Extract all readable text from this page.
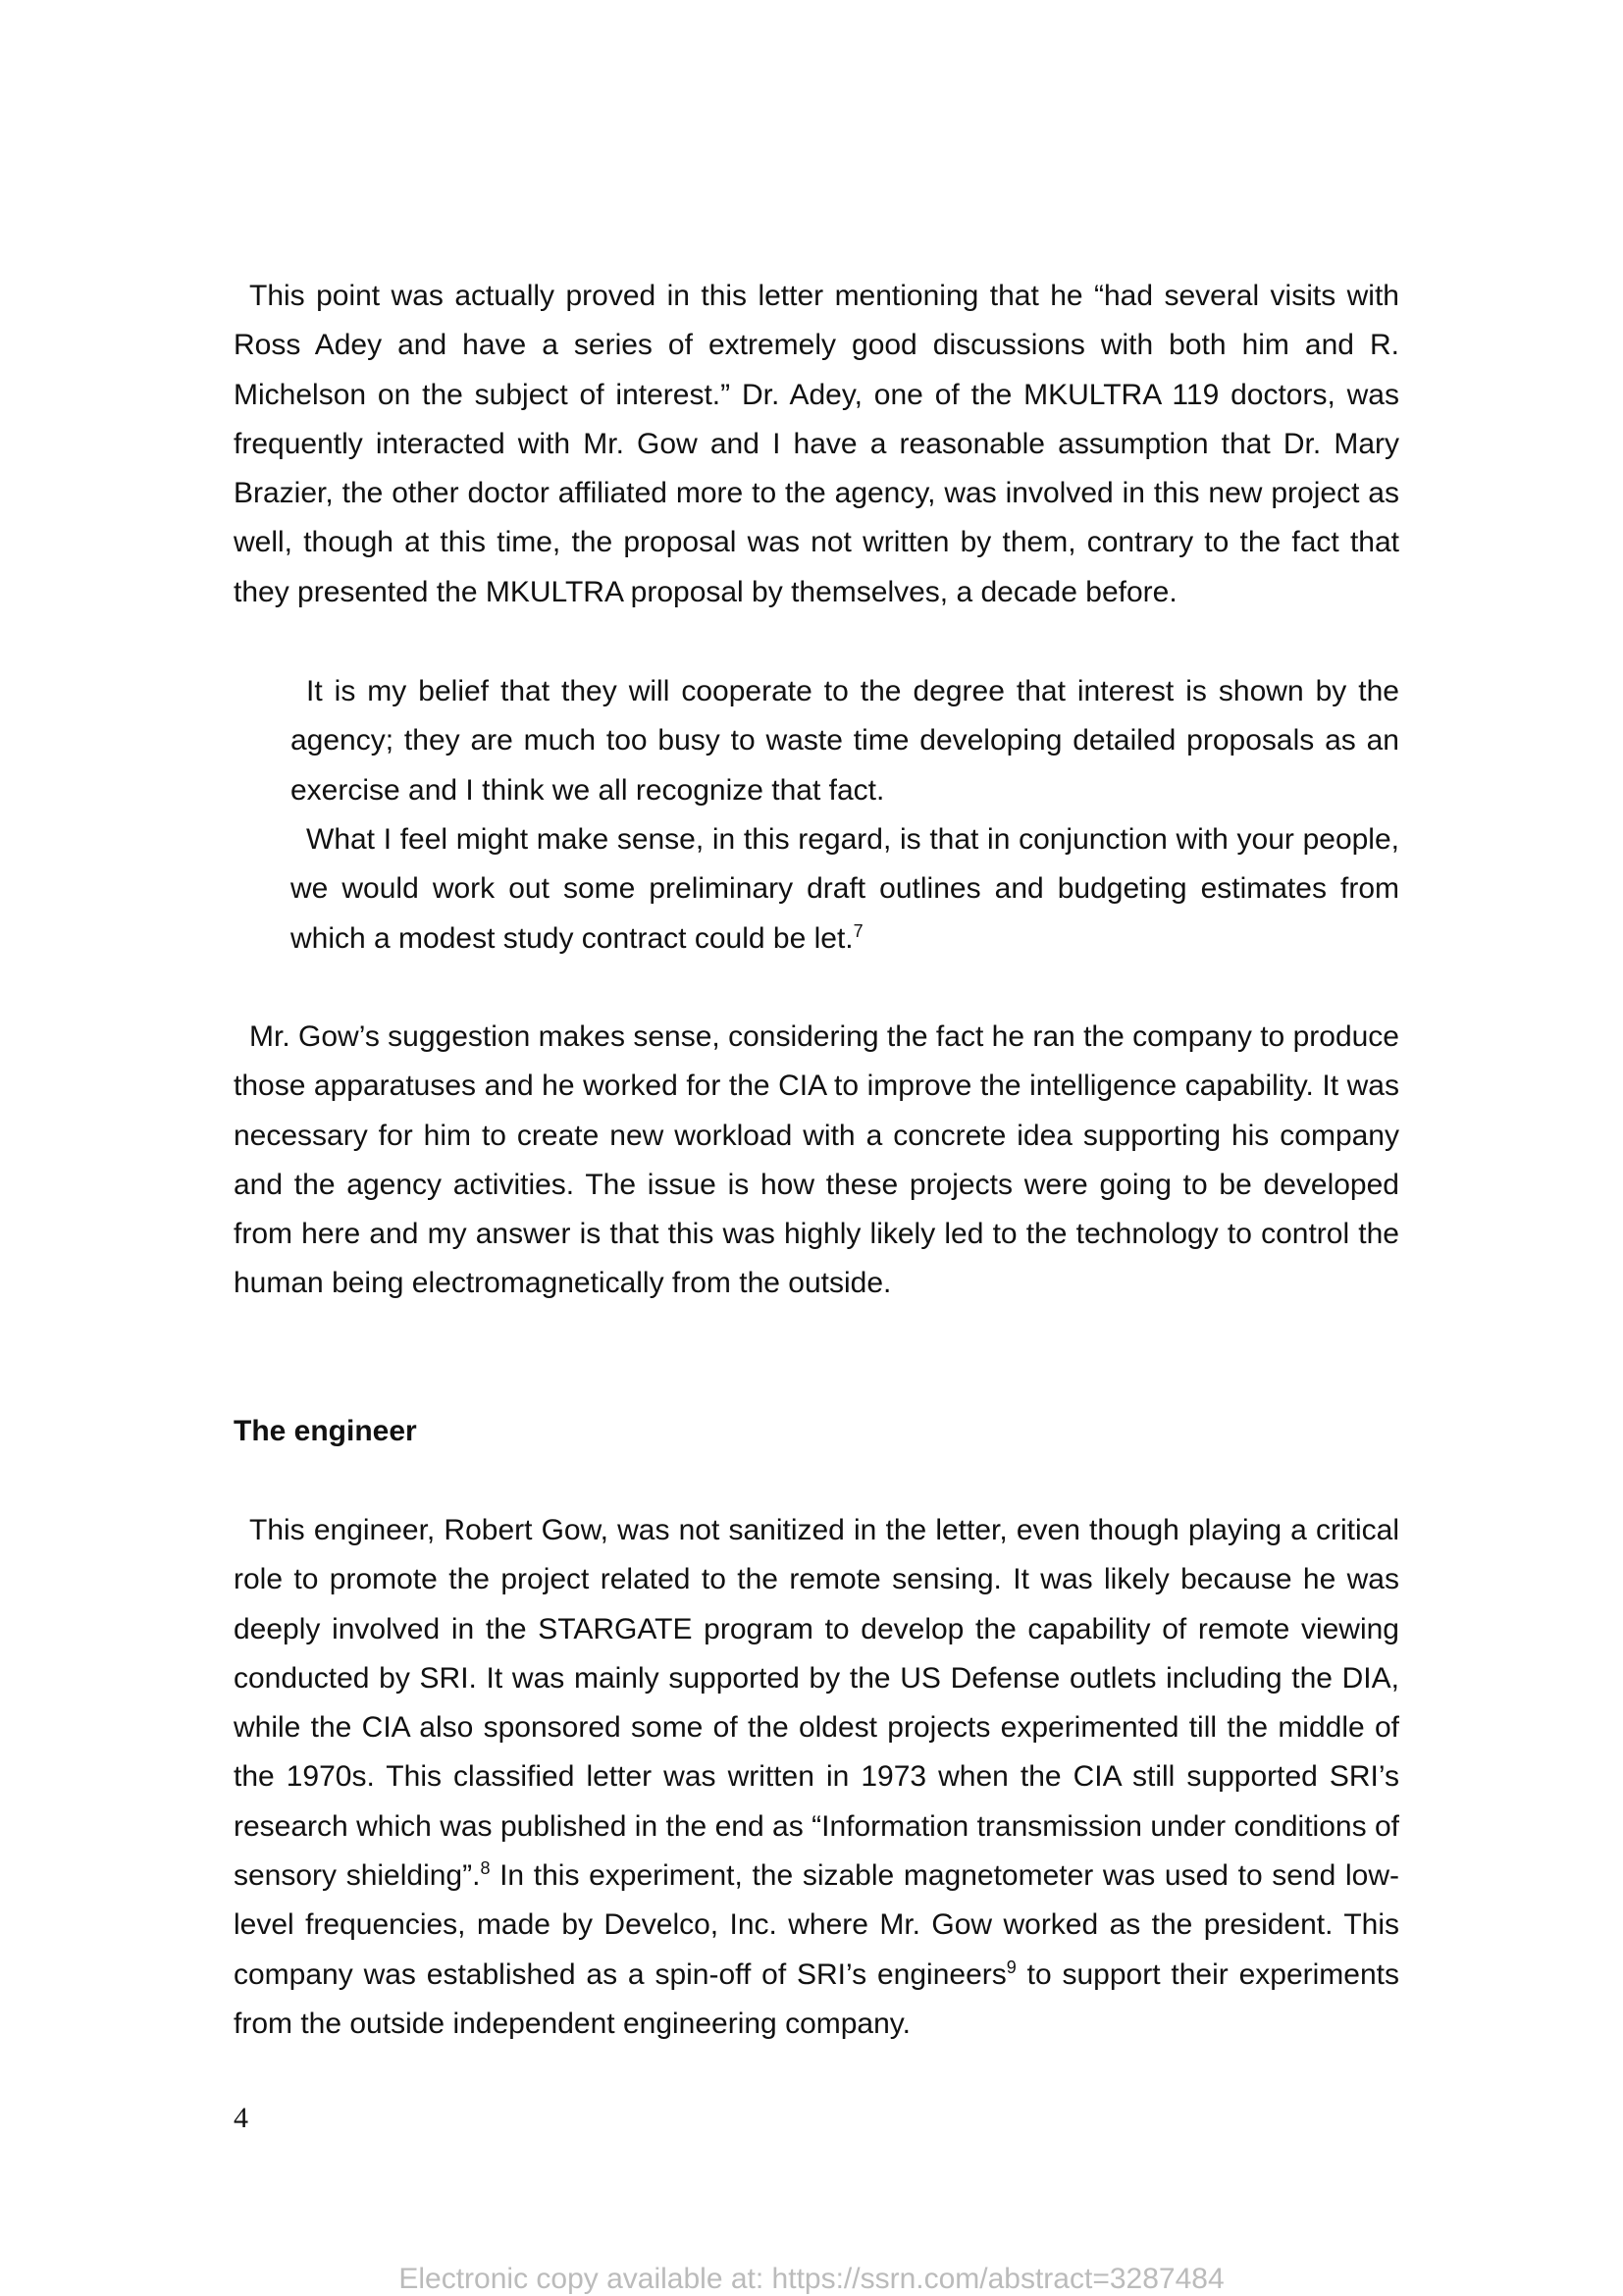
This point was actually proved in this letter mentioning that he “had several visits with Ross Adey and have a series of extremely good discussions with both him and R. Michelson on the subject of interest.” Dr. Adey, one of the MKULTRA 119 doctors, was frequently interacted with Mr. Gow and I have a reasonable assumption that Dr. Mary Brazier, the other doctor affiliated more to the agency, was involved in this new project as well, though at this time, the proposal was not written by them, contrary to the fact that they presented the MKULTRA proposal by themselves, a decade before.

It is my belief that they will cooperate to the degree that interest is shown by the agency; they are much too busy to waste time developing detailed proposals as an exercise and I think we all recognize that fact.

What I feel might make sense, in this regard, is that in conjunction with your people, we would work out some preliminary draft outlines and budgeting estimates from which a modest study contract could be let.$^7$

Mr. Gow’s suggestion makes sense, considering the fact he ran the company to produce those apparatuses and he worked for the CIA to improve the intelligence capability. It was necessary for him to create new workload with a concrete idea supporting his company and the agency activities. The issue is how these projects were going to be developed from here and my answer is that this was highly likely led to the technology to control the human being electromagnetically from the outside.

The engineer

This engineer, Robert Gow, was not sanitized in the letter, even though playing a critical role to promote the project related to the remote sensing. It was likely because he was deeply involved in the STARGATE program to develop the capability of remote viewing conducted by SRI. It was mainly supported by the US Defense outlets including the DIA, while the CIA also sponsored some of the oldest projects experimented till the middle of the 1970s. This classified letter was written in 1973 when the CIA still supported SRI’s research which was published in the end as “Information transmission under conditions of sensory shielding”.$^8$ In this experiment, the sizable magnetometer was used to send low-level frequencies, made by Develco, Inc. where Mr. Gow worked as the president. This company was established as a spin-off of SRI’s engineers$^9$ to support their experiments from the outside independent engineering company.

4

Electronic copy available at: https://ssrn.com/abstract=3287484
